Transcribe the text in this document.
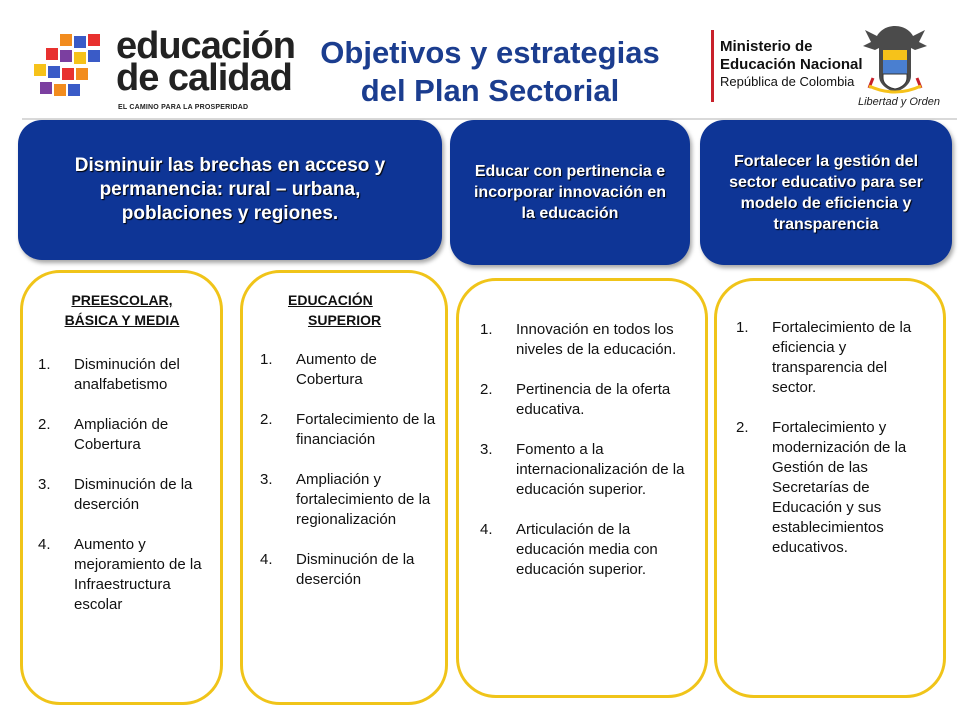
educación
de calidad
EL CAMINO PARA LA PROSPERIDAD
Objetivos y estrategias
del Plan Sectorial
Ministerio de
Educación Nacional
República de Colombia
Libertad y Orden
Disminuir las brechas en acceso y permanencia: rural – urbana, poblaciones y regiones.
Educar con pertinencia e incorporar innovación en la educación
Fortalecer la gestión del sector educativo para ser modelo de eficiencia y transparencia
PREESCOLAR,
BÁSICA Y MEDIA
1. Disminución del analfabetismo
2. Ampliación de Cobertura
3. Disminución de la deserción
4. Aumento y mejoramiento de la Infraestructura escolar
EDUCACIÓN
SUPERIOR
1. Aumento de Cobertura
2. Fortalecimiento de la financiación
3. Ampliación y fortalecimiento de la regionalización
4. Disminución de la deserción
1. Innovación en todos los niveles de la educación.
2. Pertinencia de la oferta educativa.
3. Fomento a la internacionalización de la educación superior.
4. Articulación de la educación media con educación superior.
1. Fortalecimiento de la eficiencia y transparencia del sector.
2. Fortalecimiento y modernización de la Gestión de las Secretarías de Educación y sus establecimientos educativos.
